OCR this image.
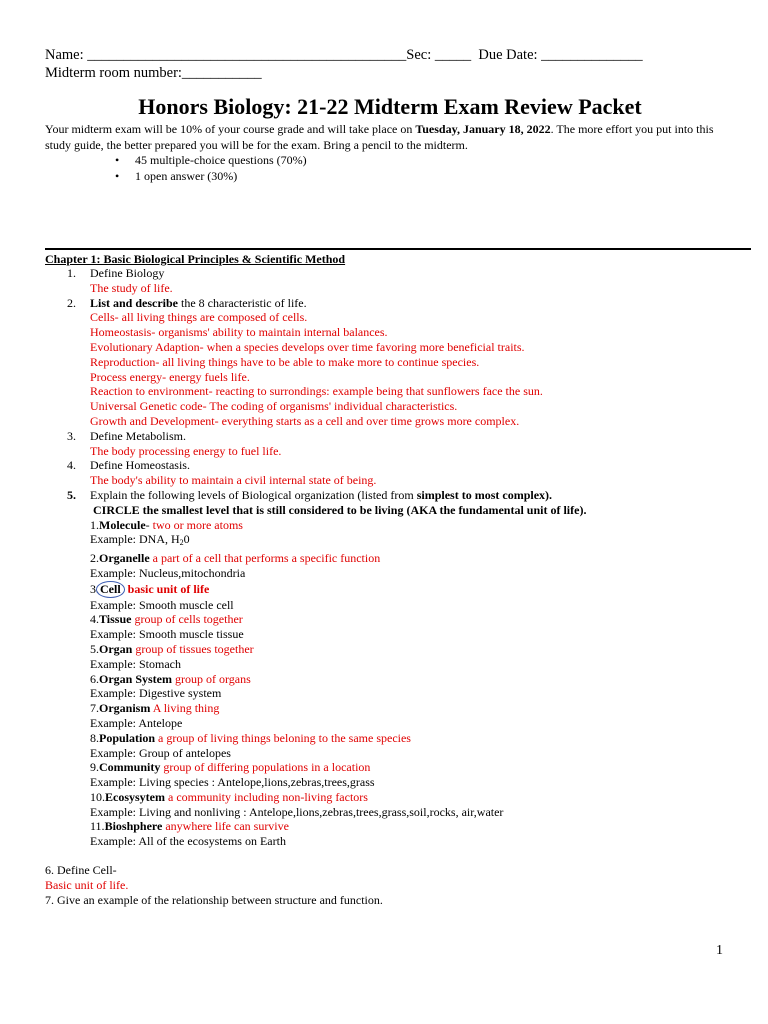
Name: ____________________________________________Sec: _____  Due Date: ______________
Midterm room number:___________
Honors Biology: 21-22 Midterm Exam Review Packet
Your midterm exam will be 10% of your course grade and will take place on Tuesday, January 18, 2022. The more effort you put into this study guide, the better prepared you will be for the exam. Bring a pencil to the midterm.
• 45 multiple-choice questions (70%)
• 1 open answer (30%)
Chapter 1: Basic Biological Principles & Scientific Method
1. Define Biology
The study of life.
2. List and describe the 8 characteristic of life.
Cells- all living things are composed of cells.
Homeostasis- organisms' ability to maintain internal balances.
Evolutionary Adaption- when a species develops over time favoring more beneficial traits.
Reproduction- all living things have to be able to make more to continue species.
Process energy- energy fuels life.
Reaction to environment- reacting to surrondings: example being that sunflowers face the sun.
Universal Genetic code- The coding of organisms' individual characteristics.
Growth and Development- everything starts as a cell and over time grows more complex.
3. Define Metabolism.
The body processing energy to fuel life.
4. Define Homeostasis.
The body's ability to maintain a civil internal state of being.
5. Explain the following levels of Biological organization (listed from simplest to most complex).
CIRCLE the smallest level that is still considered to be living (AKA the fundamental unit of life).
1.Molecule- two or more atoms
Example: DNA, $H_20$
2.Organelle a part of a cell that performs a specific function
Example: Nucleus,mitochondria
3.Cell basic unit of life
Example: Smooth muscle cell
4.Tissue group of cells together
Example: Smooth muscle tissue
5.Organ group of tissues together
Example: Stomach
6.Organ System group of organs
Example: Digestive system
7.Organism A living thing
Example: Antelope
8.Population a group of living things beloning to the same species
Example: Group of antelopes
9.Community group of differing populations in a location
Example: Living species : Antelope,lions,zebras,trees,grass
10.Ecosysytem a community including non-living factors
Example: Living and nonliving : Antelope,lions,zebras,trees,grass,soil,rocks, air,water
11.Bioshphere anywhere life can survive
Example: All of the ecosystems on Earth
6. Define Cell-
Basic unit of life.
7. Give an example of the relationship between structure and function.
1
